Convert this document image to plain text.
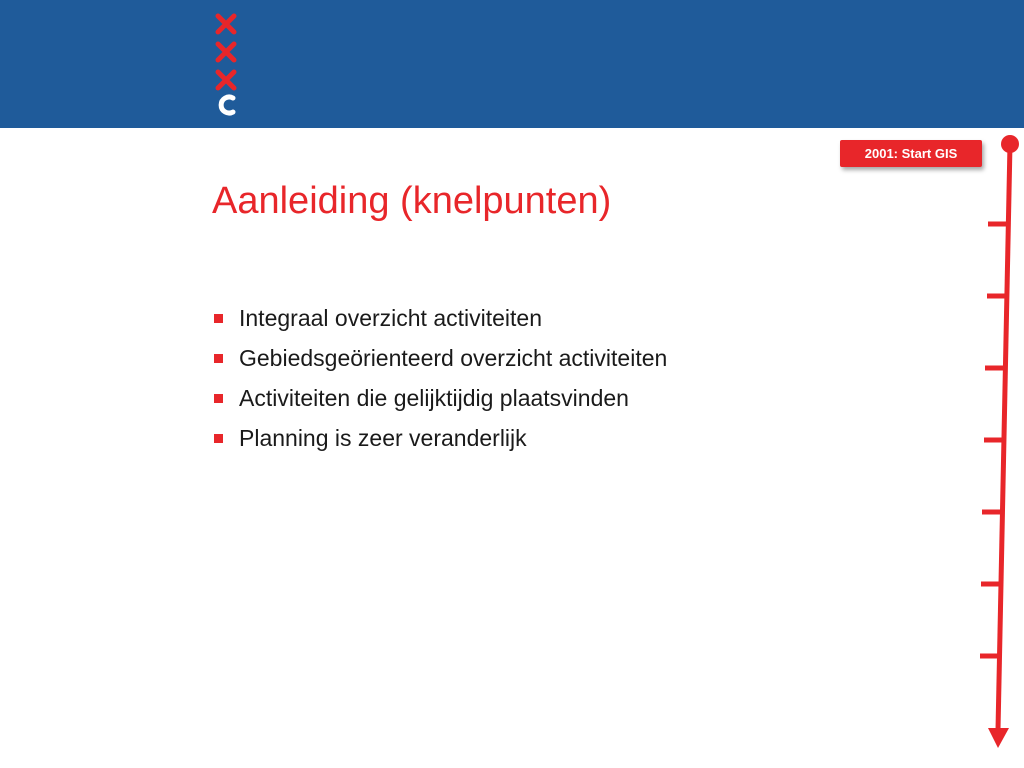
Aanleiding (knelpunten)
Integraal overzicht activiteiten
Gebiedsgeörienteerd overzicht activiteiten
Activiteiten die gelijktijdig plaatsvinden
Planning is zeer veranderlijk
2001: Start GIS
